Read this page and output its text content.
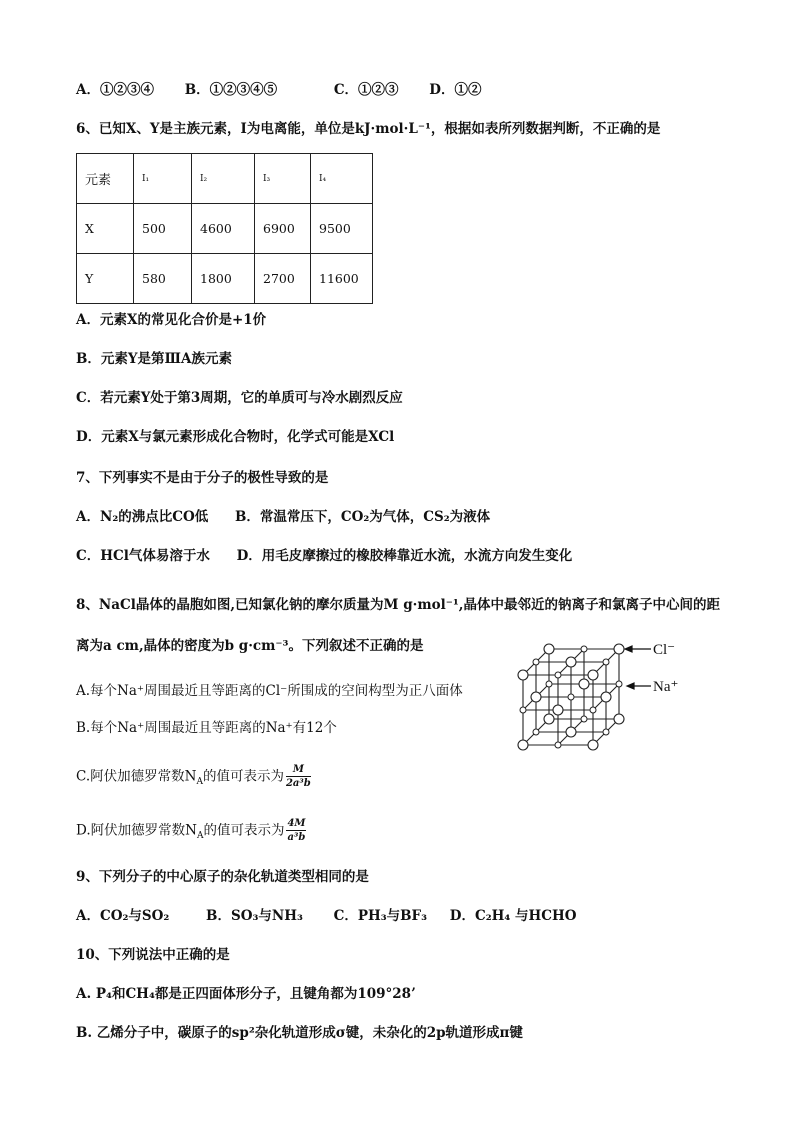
A．①②③④ B．①②③④⑤	C．①②③ D．①②
6、已知X、Y是主族元素，I为电离能，单位是kJ·mol·L⁻¹，根据如表所列数据判断，不正确的是
元素	I₁	I₂	I₃	I₄
X	500	4600	6900	9500
Y	580	1800	2700	11600
A．元素X的常见化合价是+1价
B．元素Y是第ⅢA族元素
C．若元素Y处于第3周期，它的单质可与冷水剧烈反应
D．元素X与氯元素形成化合物时，化学式可能是XCl
7、下列事实不是由于分子的极性导致的是
A．N₂的沸点比CO低 B．常温常压下，CO₂为气体，CS₂为液体
C．HCl气体易溶于水 D．用毛皮摩擦过的橡胶棒靠近水流，水流方向发生变化
8、NaCl晶体的晶胞如图,已知氯化钠的摩尔质量为M g·mol⁻¹,晶体中最邻近的钠离子和氯离子中心间的距
离为a cm,晶体的密度为b g·cm⁻³。下列叙述不正确的是
A.每个Na⁺周围最近且等距离的Cl⁻所围成的空间构型为正八面体
B.每个Na⁺周围最近且等距离的Na⁺有12个
C.阿伏加德罗常数$N_A$的值可表示为 $\frac{M}{\text{2a³b}}$
D.阿伏加德罗常数$N_A$的值可表示为 $\frac{4M}{\text{a³b}}$
Cl⁻
Na⁺
9、下列分子的中心原子的杂化轨道类型相同的是
A．CO₂与SO₂	B．SO₃与NH₃ C．PH₃与BF₃ D．C₂H₄ 与HCHO
10、下列说法中正确的是
A. P₄和CH₄都是正四面体形分子，且键角都为109°28’
B. 乙烯分子中，碳原子的sp²杂化轨道形成σ键，未杂化的2p轨道形成π键
